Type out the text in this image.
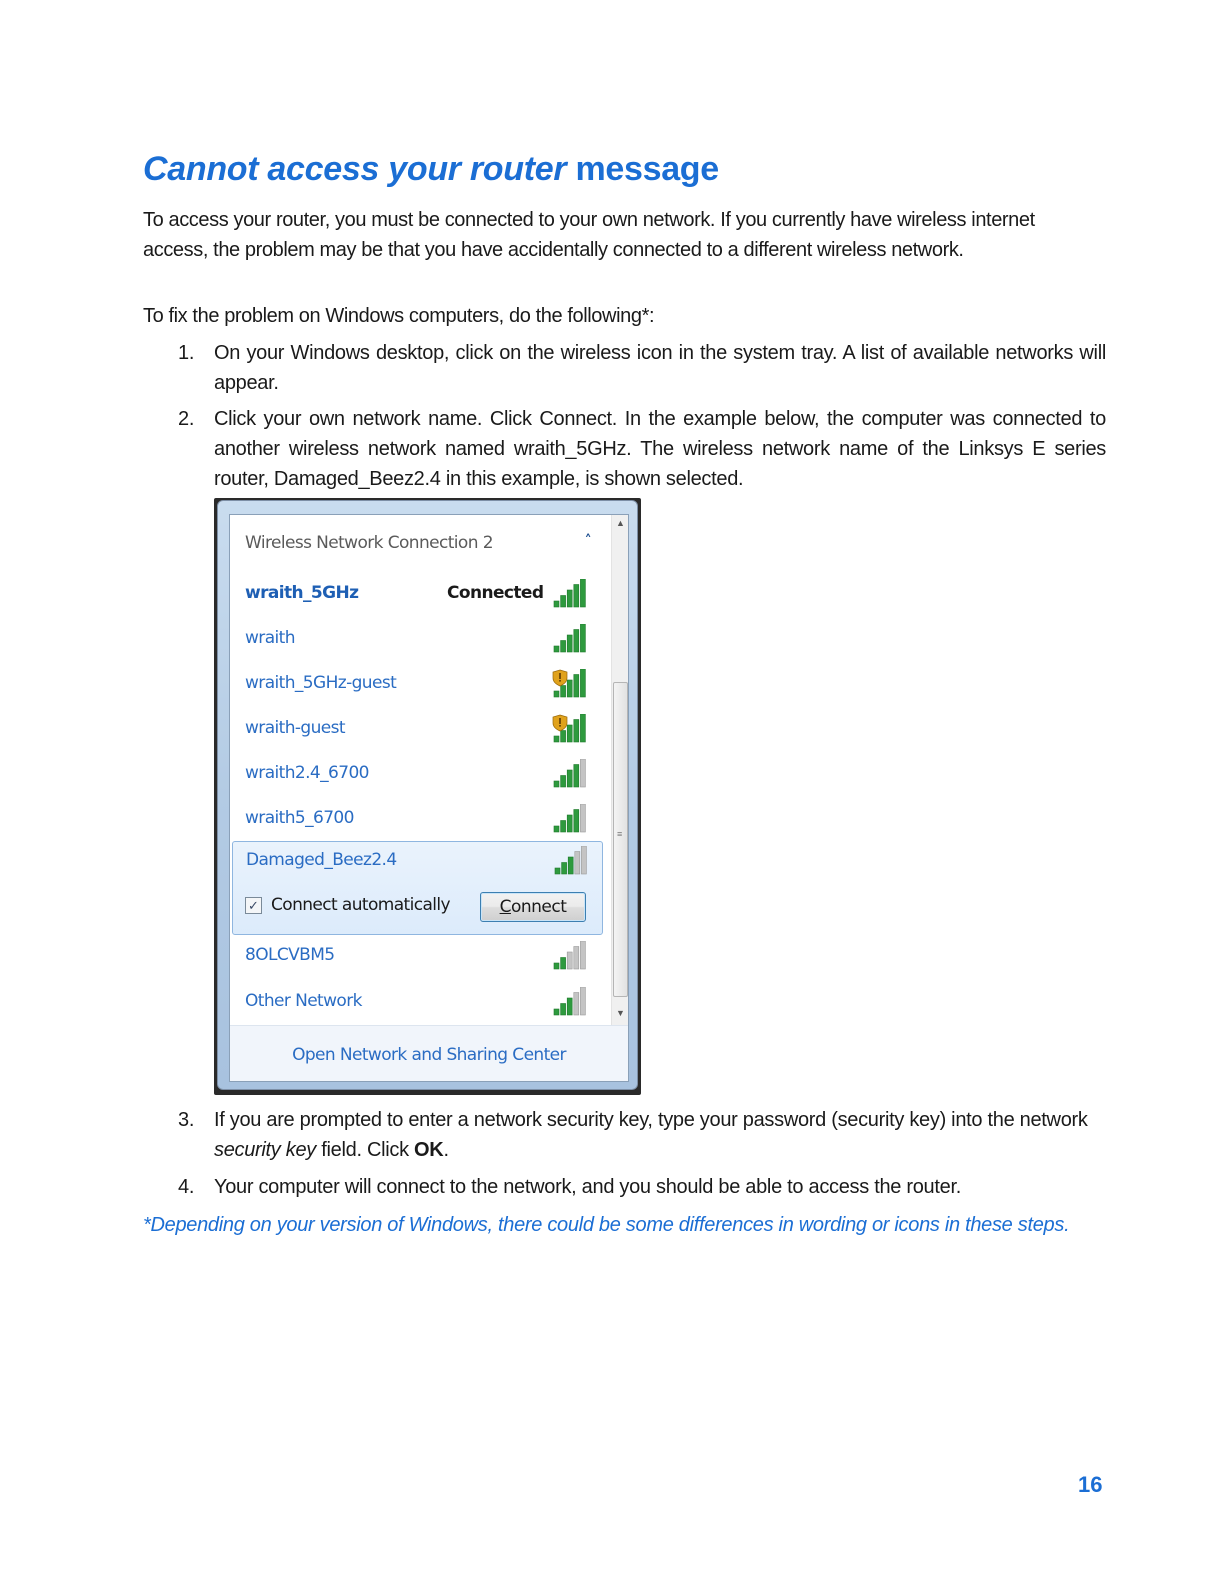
Cannot access your router message

To access your router, you must be connected to your own network. If you currently have wireless internet access, the problem may be that you have accidentally connected to a different wireless network.

To fix the problem on Windows computers, do the following*:

1. On your Windows desktop, click on the wireless icon in the system tray. A list of available networks will appear.
2. Click your own network name. Click Connect. In the example below, the computer was connected to another wireless network named wraith_5GHz. The wireless network name of the Linksys E series router, Damaged_Beez2.4 in this example, is shown selected.
Wireless Network Connection 2	˄
wraith_5GHz	Connected
wraith
wraith_5GHz-guest
wraith-guest
wraith2.4_6700
wraith5_6700
Damaged_Beez2.4
✓ Connect automatically	Connect
8OLCVBM5
Other Network
▲
≡
▼
Open Network and Sharing Center
3. If you are prompted to enter a network security key, type your password (security key) into the network security key field. Click OK.
4. Your computer will connect to the network, and you should be able to access the router.

*Depending on your version of Windows, there could be some differences in wording or icons in these steps.

16
